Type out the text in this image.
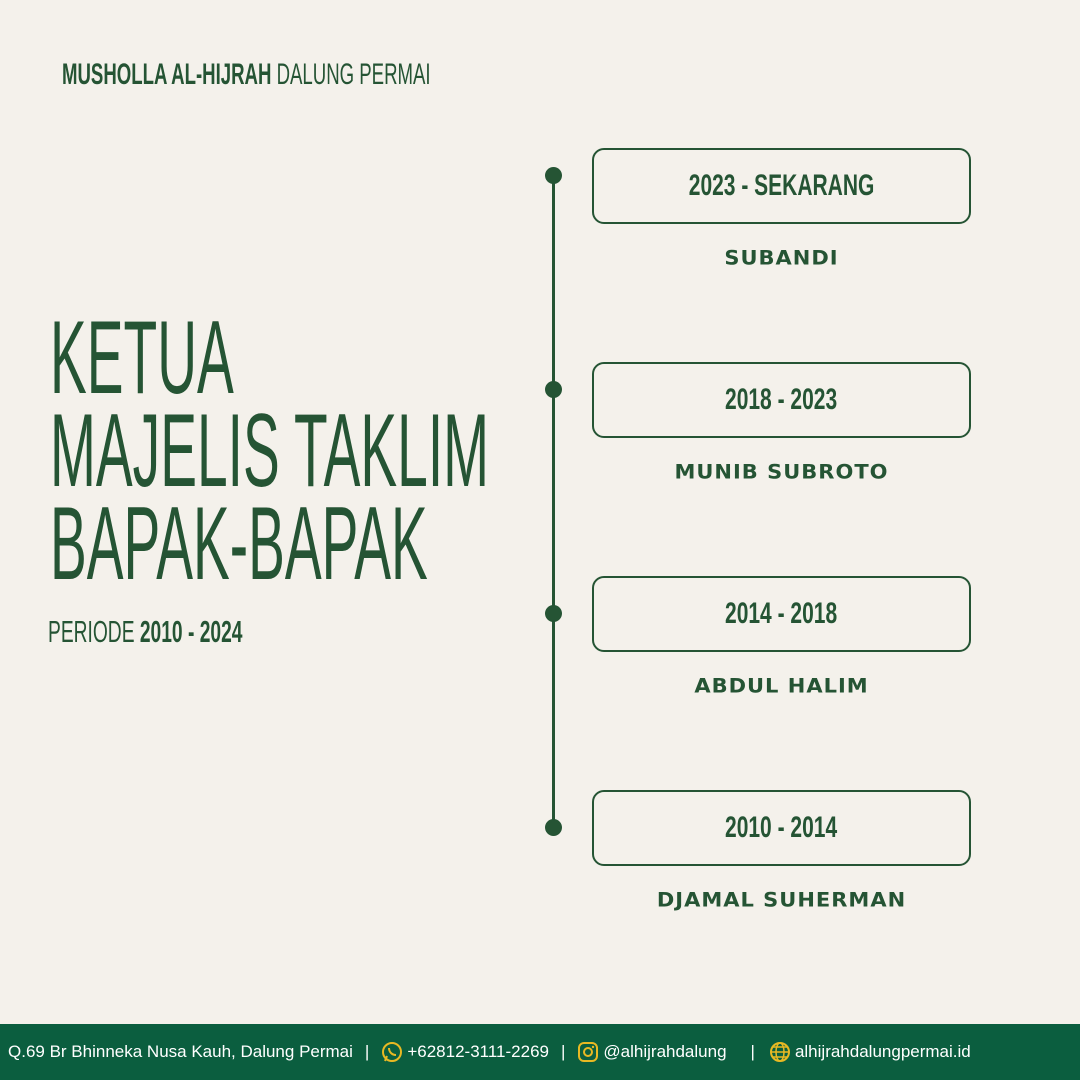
MUSHOLLA AL-HIJRAH DALUNG PERMAI
KETUA
MAJELIS TAKLIM
BAPAK-BAPAK
PERIODE 2010 - 2024
2023 - SEKARANG
SUBANDI
2018 - 2023
MUNIB SUBROTO
2014 - 2018
ABDUL HALIM
2010 - 2014
DJAMAL SUHERMAN
Q.69 Br Bhinneka Nusa Kauh, Dalung Permai | +62812-3111-2269 | @alhijrahdalung | alhijrahdalungpermai.id
